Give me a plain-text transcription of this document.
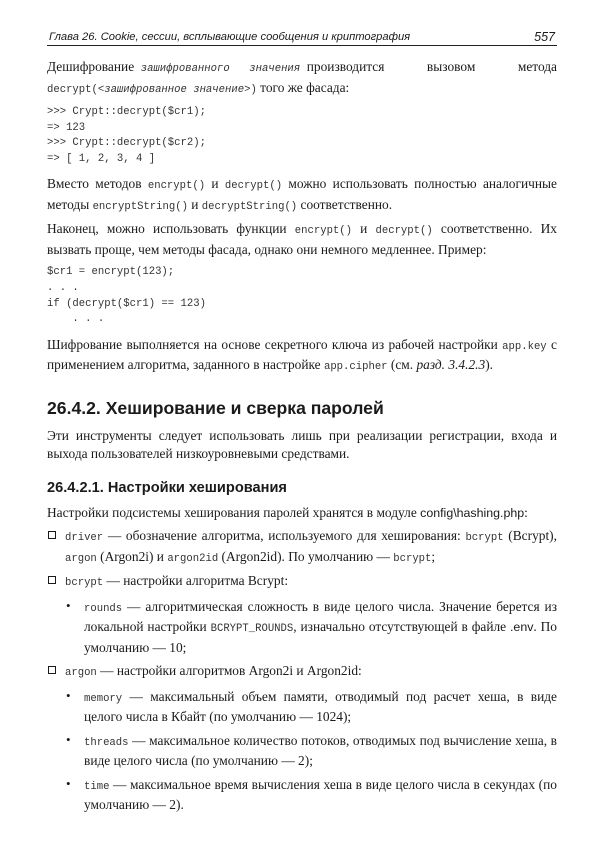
Глава 26. Cookie, сессии, всплывающие сообщения и криптография	557

Дешифрование зашифрованного значения производится вызовом метода

decrypt(<зашифрованное значение>) того же фасада:

>>> Crypt::decrypt($cr1);
=> 123
>>> Crypt::decrypt($cr2);
=> [ 1, 2, 3, 4 ]

Вместо методов encrypt() и decrypt() можно использовать полностью аналогичные методы encryptString() и decryptString() соответственно.

Наконец, можно использовать функции encrypt() и decrypt() соответственно. Их вызвать проще, чем методы фасада, однако они немного медленнее. Пример:

$cr1 = encrypt(123);
. . .
if (decrypt($cr1) == 123)
. . .

Шифрование выполняется на основе секретного ключа из рабочей настройки app.key с применением алгоритма, заданного в настройке app.cipher (см. разд. 3.4.2.3).

26.4.2. Хеширование и сверка паролей

Эти инструменты следует использовать лишь при реализации регистрации, входа и выхода пользователей низкоуровневыми средствами.

26.4.2.1. Настройки хеширования

Настройки подсистемы хеширования паролей хранятся в модуле config\hashing.php:

driver — обозначение алгоритма, используемого для хеширования: bcrypt (Bcrypt), argon (Argon2i) и argon2id (Argon2id). По умолчанию — bcrypt;

bcrypt — настройки алгоритма Bcrypt:

• rounds — алгоритмическая сложность в виде целого числа. Значение берется из локальной настройки BCRYPT_ROUNDS, изначально отсутствующей в файле .env. По умолчанию — 10;

argon — настройки алгоритмов Argon2i и Argon2id:

• memory — максимальный объем памяти, отводимый под расчет хеша, в виде целого числа в Кбайт (по умолчанию — 1024);

• threads — максимальное количество потоков, отводимых под вычисление хеша, в виде целого числа (по умолчанию — 2);

• time — максимальное время вычисления хеша в виде целого числа в секундах (по умолчанию — 2).
